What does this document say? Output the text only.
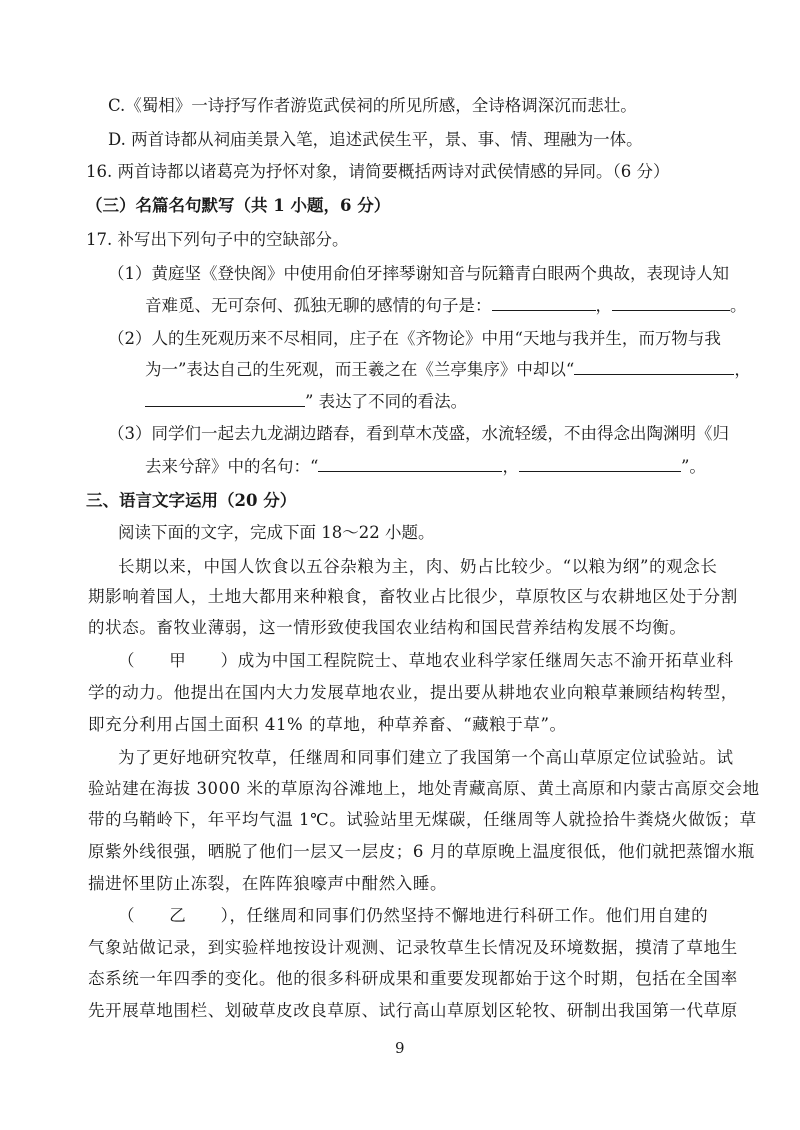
C.《蜀相》一诗抒写作者游览武侯祠的所见所感，全诗格调深沉而悲壮。
D. 两首诗都从祠庙美景入笔，追述武侯生平，景、事、情、理融为一体。
16. 两首诗都以诸葛亮为抒怀对象，请简要概括两诗对武侯情感的异同。（6 分）
（三）名篇名句默写（共 1 小题，6 分）
17. 补写出下列句子中的空缺部分。
（1）黄庭坚《登快阁》中使用俞伯牙摔琴谢知音与阮籍青白眼两个典故，表现诗人知
音难觅、无可奈何、孤独无聊的感情的句子是：	，	。
（2）人的生死观历来不尽相同，庄子在《齐物论》中用“天地与我并生，而万物与我
为一”表达自己的生死观，而王羲之在《兰亭集序》中却以“	，
” 表达了不同的看法。
（3）同学们一起去九龙湖边踏春，看到草木茂盛，水流轻缓，不由得念出陶渊明《归
去来兮辞》中的名句：“	，	”。
三、语言文字运用（20 分）
阅读下面的文字，完成下面 18～22 小题。
长期以来，中国人饮食以五谷杂粮为主，肉、奶占比较少。“以粮为纲”的观念长
期影响着国人，土地大都用来种粮食，畜牧业占比很少，草原牧区与农耕地区处于分割
的状态。畜牧业薄弱，这一情形致使我国农业结构和国民营养结构发展不均衡。
（　　甲　　）成为中国工程院院士、草地农业科学家任继周矢志不渝开拓草业科
学的动力。他提出在国内大力发展草地农业，提出要从耕地农业向粮草兼顾结构转型，
即充分利用占国土面积 41% 的草地，种草养畜、“藏粮于草”。
为了更好地研究牧草，任继周和同事们建立了我国第一个高山草原定位试验站。试
验站建在海拔 3000 米的草原沟谷滩地上，地处青藏高原、黄土高原和内蒙古高原交会地
带的乌鞘岭下，年平均气温 1℃。试验站里无煤碳，任继周等人就捡拾牛粪烧火做饭；草
原紫外线很强，晒脱了他们一层又一层皮；6 月的草原晚上温度很低，他们就把蒸馏水瓶
揣进怀里防止冻裂，在阵阵狼嚎声中酣然入睡。
（　　乙　　），任继周和同事们仍然坚持不懈地进行科研工作。他们用自建的
气象站做记录，到实验样地按设计观测、记录牧草生长情况及环境数据，摸清了草地生
态系统一年四季的变化。他的很多科研成果和重要发现都始于这个时期，包括在全国率
先开展草地围栏、划破草皮改良草原、试行高山草原划区轮牧、研制出我国第一代草原
9
